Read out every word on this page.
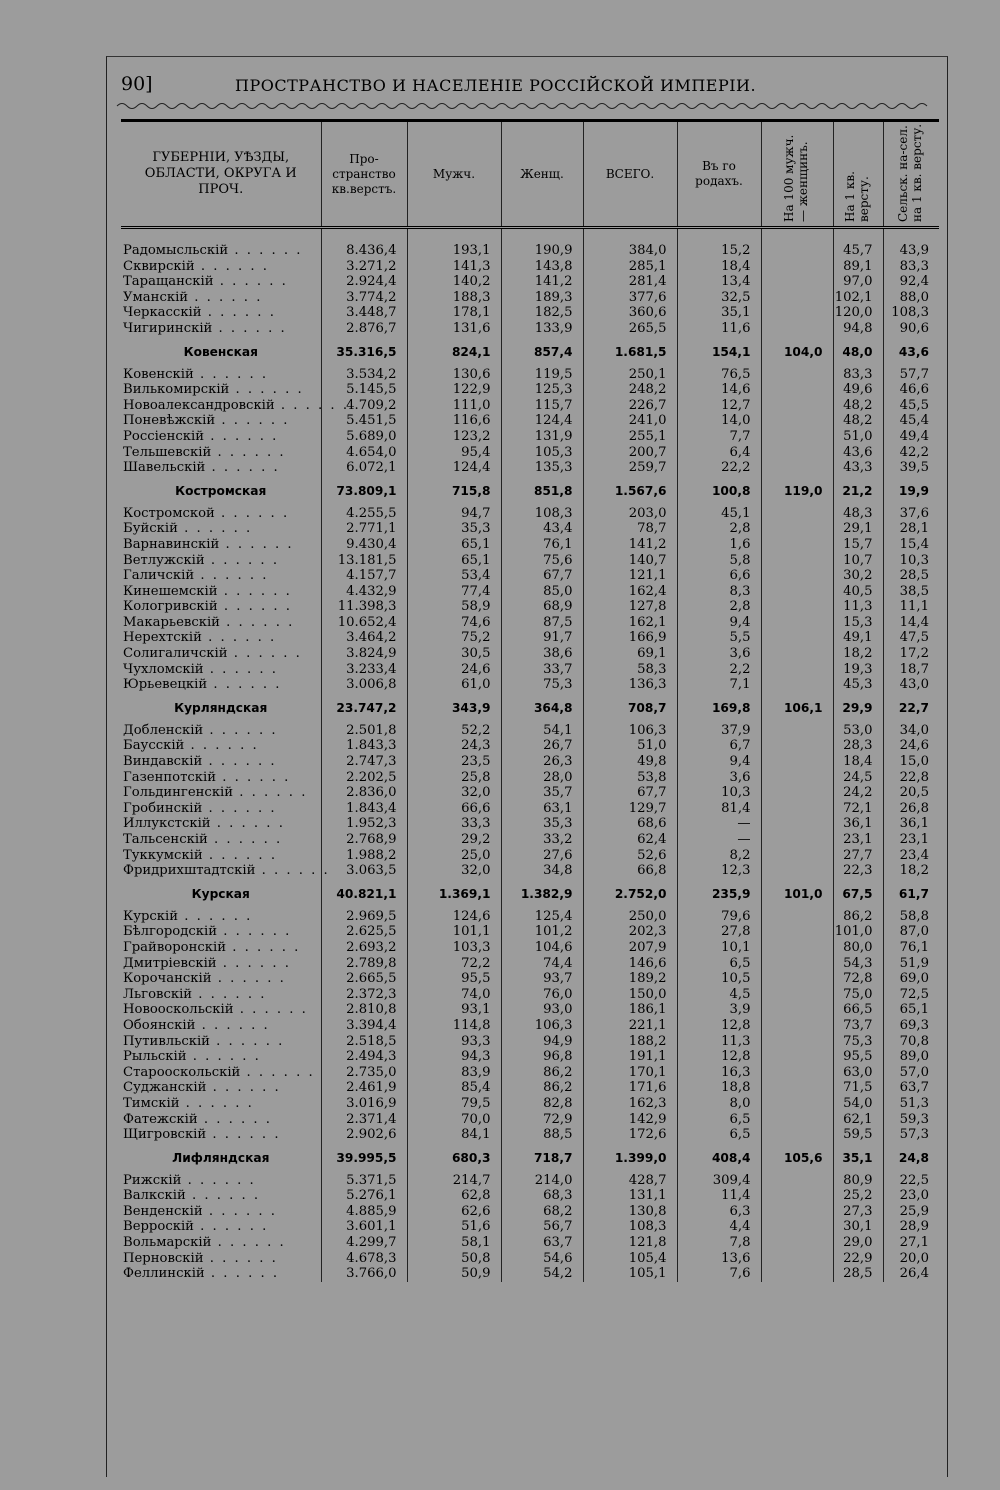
90]	ПРОСТРАНСТВО И НАСЕЛЕНІЕ РОССІЙСКОЙ ИМПЕРІИ.
ГУБЕРНІИ, УѢЗДЫ, ОБЛАСТИ, ОКРУГА И ПРОЧ.	Про-странство кв.верстъ.	Мужч.	Женщ.	ВСЕГО.	Въ го родахъ.	На 100 мужч. — женщинъ.	На 1 кв. версту.	Сельск. на-сел. на 1 кв. версту.
Радомысльскій . . . . . .	8.436,4	193,1	190,9	384,0	15,2		45,7	43,9
Сквирскій . . . . . .	3.271,2	141,3	143,8	285,1	18,4		89,1	83,3
Таращанскій . . . . . .	2.924,4	140,2	141,2	281,4	13,4		97,0	92,4
Уманскій . . . . . .	3.774,2	188,3	189,3	377,6	32,5		102,1	88,0
Черкасскій . . . . . .	3.448,7	178,1	182,5	360,6	35,1		120,0	108,3
Чигиринскій . . . . . .	2.876,7	131,6	133,9	265,5	11,6		94,8	90,6
Ковенская	35.316,5	824,1	857,4	1.681,5	154,1	104,0	48,0	43,6
Ковенскій . . . . . .	3.534,2	130,6	119,5	250,1	76,5		83,3	57,7
Вилькомирскій . . . . . .	5.145,5	122,9	125,3	248,2	14,6		49,6	46,6
Новоалександровскій . . . . . .	4.709,2	111,0	115,7	226,7	12,7		48,2	45,5
Поневѣжскій . . . . . .	5.451,5	116,6	124,4	241,0	14,0		48,2	45,4
Россіенскій . . . . . .	5.689,0	123,2	131,9	255,1	7,7		51,0	49,4
Тельшевскій . . . . . .	4.654,0	95,4	105,3	200,7	6,4		43,6	42,2
Шавельскій . . . . . .	6.072,1	124,4	135,3	259,7	22,2		43,3	39,5
Костромская	73.809,1	715,8	851,8	1.567,6	100,8	119,0	21,2	19,9
Костромской . . . . . .	4.255,5	94,7	108,3	203,0	45,1		48,3	37,6
Буйскій . . . . . .	2.771,1	35,3	43,4	78,7	2,8		29,1	28,1
Варнавинскій . . . . . .	9.430,4	65,1	76,1	141,2	1,6		15,7	15,4
Ветлужскій . . . . . .	13.181,5	65,1	75,6	140,7	5,8		10,7	10,3
Галичскій . . . . . .	4.157,7	53,4	67,7	121,1	6,6		30,2	28,5
Кинешемскій . . . . . .	4.432,9	77,4	85,0	162,4	8,3		40,5	38,5
Кологривскій . . . . . .	11.398,3	58,9	68,9	127,8	2,8		11,3	11,1
Макарьевскій . . . . . .	10.652,4	74,6	87,5	162,1	9,4		15,3	14,4
Нерехтскій . . . . . .	3.464,2	75,2	91,7	166,9	5,5		49,1	47,5
Солигаличскій . . . . . .	3.824,9	30,5	38,6	69,1	3,6		18,2	17,2
Чухломскій . . . . . .	3.233,4	24,6	33,7	58,3	2,2		19,3	18,7
Юрьевецкій . . . . . .	3.006,8	61,0	75,3	136,3	7,1		45,3	43,0
Курляндская	23.747,2	343,9	364,8	708,7	169,8	106,1	29,9	22,7
Добленскій . . . . . .	2.501,8	52,2	54,1	106,3	37,9		53,0	34,0
Баусскій . . . . . .	1.843,3	24,3	26,7	51,0	6,7		28,3	24,6
Виндавскій . . . . . .	2.747,3	23,5	26,3	49,8	9,4		18,4	15,0
Газенпотскій . . . . . .	2.202,5	25,8	28,0	53,8	3,6		24,5	22,8
Гольдингенскій . . . . . .	2.836,0	32,0	35,7	67,7	10,3		24,2	20,5
Гробинскій . . . . . .	1.843,4	66,6	63,1	129,7	81,4		72,1	26,8
Иллукстскій . . . . . .	1.952,3	33,3	35,3	68,6	—		36,1	36,1
Тальсенскій . . . . . .	2.768,9	29,2	33,2	62,4	—		23,1	23,1
Туккумскій . . . . . .	1.988,2	25,0	27,6	52,6	8,2		27,7	23,4
Фридрихштадтскій . . . . . .	3.063,5	32,0	34,8	66,8	12,3		22,3	18,2
Курская	40.821,1	1.369,1	1.382,9	2.752,0	235,9	101,0	67,5	61,7
Курскій . . . . . .	2.969,5	124,6	125,4	250,0	79,6		86,2	58,8
Бѣлгородскій . . . . . .	2.625,5	101,1	101,2	202,3	27,8		101,0	87,0
Грайворонскій . . . . . .	2.693,2	103,3	104,6	207,9	10,1		80,0	76,1
Дмитріевскій . . . . . .	2.789,8	72,2	74,4	146,6	6,5		54,3	51,9
Корочанскій . . . . . .	2.665,5	95,5	93,7	189,2	10,5		72,8	69,0
Льговскій . . . . . .	2.372,3	74,0	76,0	150,0	4,5		75,0	72,5
Новооскольскій . . . . . .	2.810,8	93,1	93,0	186,1	3,9		66,5	65,1
Обоянскій . . . . . .	3.394,4	114,8	106,3	221,1	12,8		73,7	69,3
Путивльскій . . . . . .	2.518,5	93,3	94,9	188,2	11,3		75,3	70,8
Рыльскій . . . . . .	2.494,3	94,3	96,8	191,1	12,8		95,5	89,0
Старооскольскій . . . . . .	2.735,0	83,9	86,2	170,1	16,3		63,0	57,0
Суджанскій . . . . . .	2.461,9	85,4	86,2	171,6	18,8		71,5	63,7
Тимскій . . . . . .	3.016,9	79,5	82,8	162,3	8,0		54,0	51,3
Фатежскій . . . . . .	2.371,4	70,0	72,9	142,9	6,5		62,1	59,3
Щигровскій . . . . . .	2.902,6	84,1	88,5	172,6	6,5		59,5	57,3
Лифляндская	39.995,5	680,3	718,7	1.399,0	408,4	105,6	35,1	24,8
Рижскій . . . . . .	5.371,5	214,7	214,0	428,7	309,4		80,9	22,5
Валкскій . . . . . .	5.276,1	62,8	68,3	131,1	11,4		25,2	23,0
Венденскій . . . . . .	4.885,9	62,6	68,2	130,8	6,3		27,3	25,9
Верроскій . . . . . .	3.601,1	51,6	56,7	108,3	4,4		30,1	28,9
Вольмарскій . . . . . .	4.299,7	58,1	63,7	121,8	7,8		29,0	27,1
Перновскій . . . . . .	4.678,3	50,8	54,6	105,4	13,6		22,9	20,0
Феллинскій . . . . . .	3.766,0	50,9	54,2	105,1	7,6		28,5	26,4
